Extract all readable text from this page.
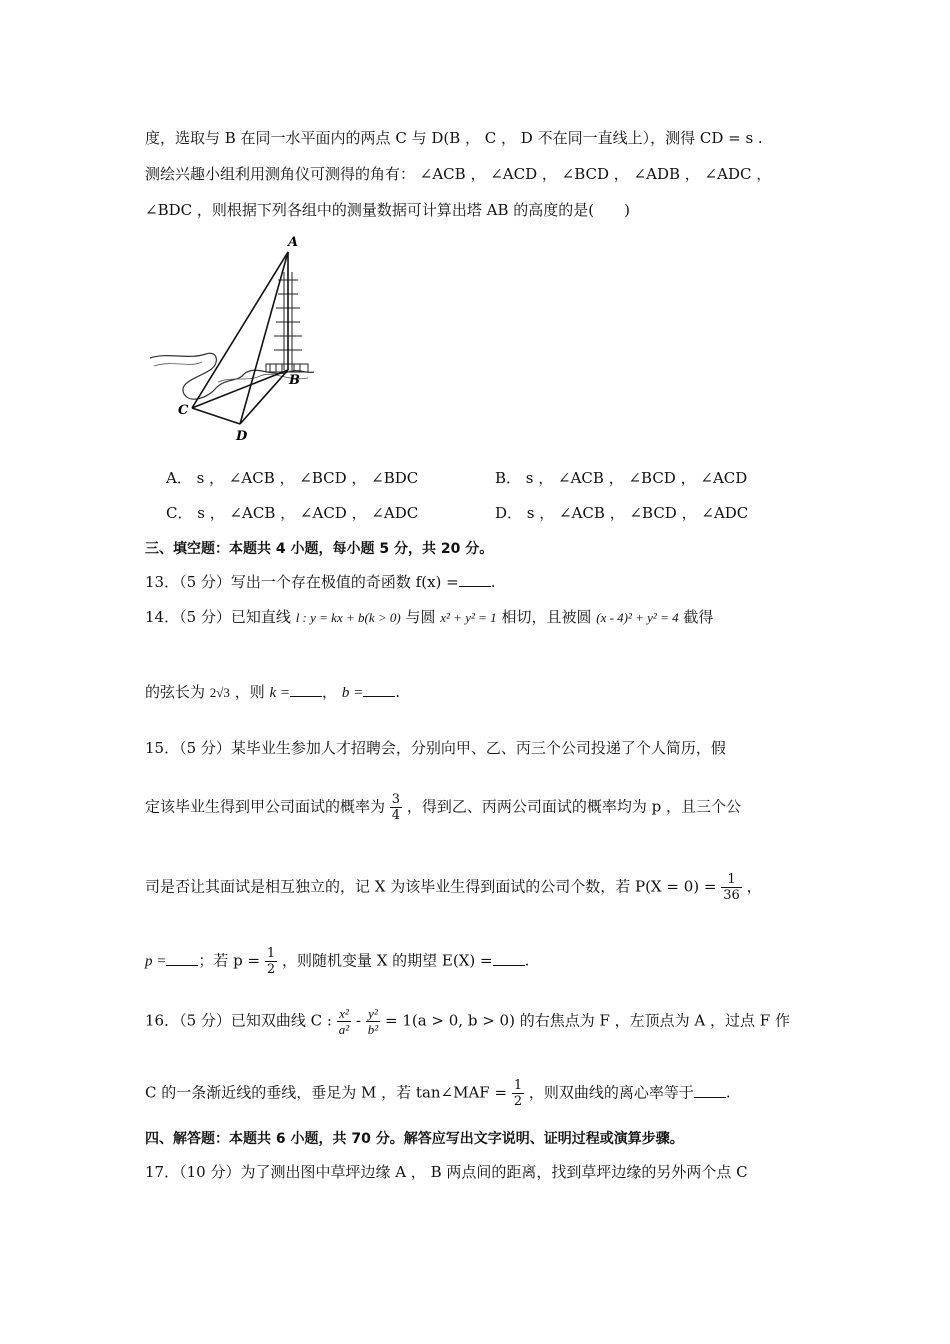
度，选取与 B 在同一水平面内的两点 C 与 D(B ， C ， D 不在同一直线上），测得 CD = s .
测绘兴趣小组利用测角仪可测得的角有： ∠ACB ， ∠ACD ， ∠BCD ， ∠ADB ， ∠ADC ，
∠BDC ，则根据下列各组中的测量数据可计算出塔 AB 的高度的是(　　)
A
B
C
D
A． s ， ∠ACB ， ∠BCD ， ∠BDC	B． s ， ∠ACB ， ∠BCD ， ∠ACD
C． s ， ∠ACB ， ∠ACD ， ∠ADC	D． s ， ∠ACB ， ∠BCD ， ∠ADC
三、填空题：本题共 4 小题，每小题 5 分，共 20 分。
13．（5 分）写出一个存在极值的奇函数 f(x) = .
14．（5 分）已知直线 l : y = kx + b(k > 0) 与圆 x² + y² = 1 相切，且被圆 (x - 4)² + y² = 4 截得
的弦长为 2√3 ，则 k = ， b = .
15．（5 分）某毕业生参加人才招聘会，分别向甲、乙、丙三个公司投递了个人简历，假
定该毕业生得到甲公司面试的概率为 $\frac{3}{4}$ ，得到乙、丙两公司面试的概率均为 p ，且三个公
司是否让其面试是相互独立的，记 X 为该毕业生得到面试的公司个数，若 $P(X = 0) = \frac{1}{36}$ ，
p = ；若 $p = \frac{1}{2}$ ，则随机变量 X 的期望 E(X) = .
16．（5 分）已知双曲线 C : $\frac{\text{x²}}{\text{a²}} - \frac{\text{y²}}{\text{b²}} = 1(a > 0$, b > 0) 的右焦点为 F ，左顶点为 A ，过点 F 作
C 的一条渐近线的垂线，垂足为 M ，若 tan∠MAF = $\frac{1}{2}$ ，则双曲线的离心率等于 .
四、解答题：本题共 6 小题，共 70 分。解答应写出文字说明、证明过程或演算步骤。
17．（10 分）为了测出图中草坪边缘 A ， B 两点间的距离，找到草坪边缘的另外两个点 C
